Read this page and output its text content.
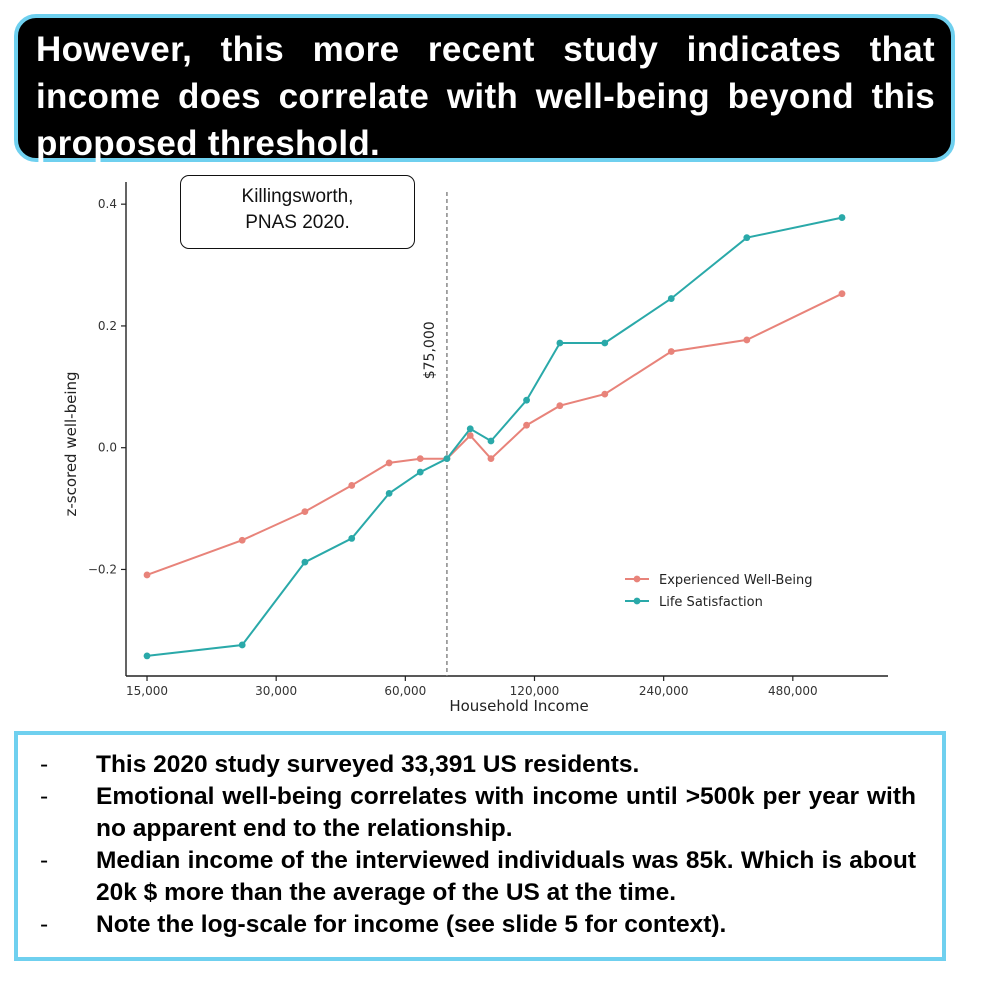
However, this more recent study indicates that income does correlate with well-being beyond this proposed threshold.

−0.2
0.0
0.2
0.4
15,000	30,000	60,000	120,000	240,000	480,000
Household Income
z-scored well-being
$75,000
Experienced Well-Being
Life Satisfaction
Killingsworth,
PNAS 2020.
-	This 2020 study surveyed 33,391 US residents.
-	Emotional well-being correlates with income until >500k per year with no apparent end to the relationship.
-	Median income of the interviewed individuals was 85k. Which is about 20k $ more than the average of the US at the time.
-	Note the log-scale for income (see slide 5 for context).
